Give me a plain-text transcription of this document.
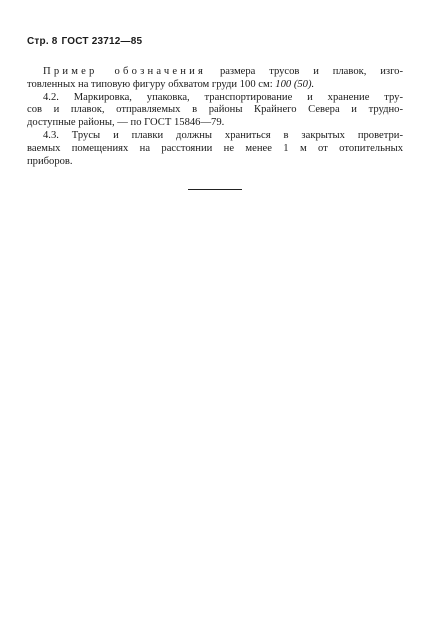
Стр. 8 ГОСТ 23712—85
Пример обозначения размера трусов и плавок, изго-
товленных на типовую фигуру обхватом груди 100 см: 100 (50).
4.2. Маркировка, упаковка, транспортирование и хранение тру-
сов и плавок, отправляемых в районы Крайнего Севера и трудно-
доступные районы, — по ГОСТ 15846—79.
4.3. Трусы и плавки должны храниться в закрытых проветри-
ваемых помещениях на расстоянии не менее 1 м от отопительных
приборов.
